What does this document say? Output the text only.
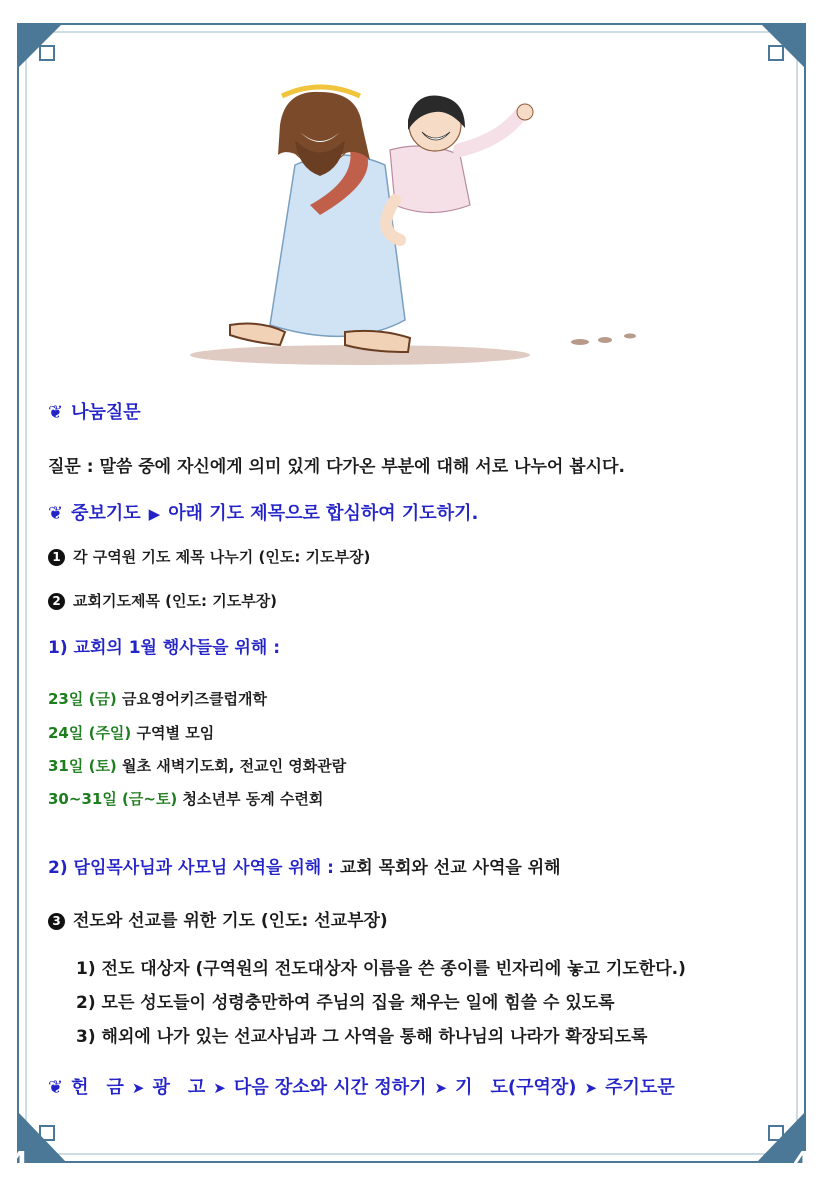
4	4
❦ 나눔질문
질문 : 말씀 중에 자신에게 의미 있게 다가온 부분에 대해 서로 나누어 봅시다.
❦ 중보기도 ▶ 아래 기도 제목으로 합심하여 기도하기.
1 각 구역원 기도 제목 나누기 (인도: 기도부장)
2 교회기도제목 (인도: 기도부장)
1) 교회의 1월 행사들을 위해 :
23일 (금) 금요영어키즈클럽개학
24일 (주일) 구역별 모임
31일 (토) 월초 새벽기도회, 전교인 영화관람
30~31일 (금~토) 청소년부 동계 수련회
2) 담임목사님과 사모님 사역을 위해 : 교회 목회와 선교 사역을 위해
3 전도와 선교를 위한 기도 (인도: 선교부장)
1) 전도 대상자 (구역원의 전도대상자 이름을 쓴 종이를 빈자리에 놓고 기도한다.)
2) 모든 성도들이 성령충만하여 주님의 집을 채우는 일에 힘쓸 수 있도록
3) 해외에 나가 있는 선교사님과 그 사역을 통해 하나님의 나라가 확장되도록
❦ 헌　금 ➤ 광　고 ➤ 다음 장소와 시간 정하기 ➤ 기　도(구역장) ➤ 주기도문
